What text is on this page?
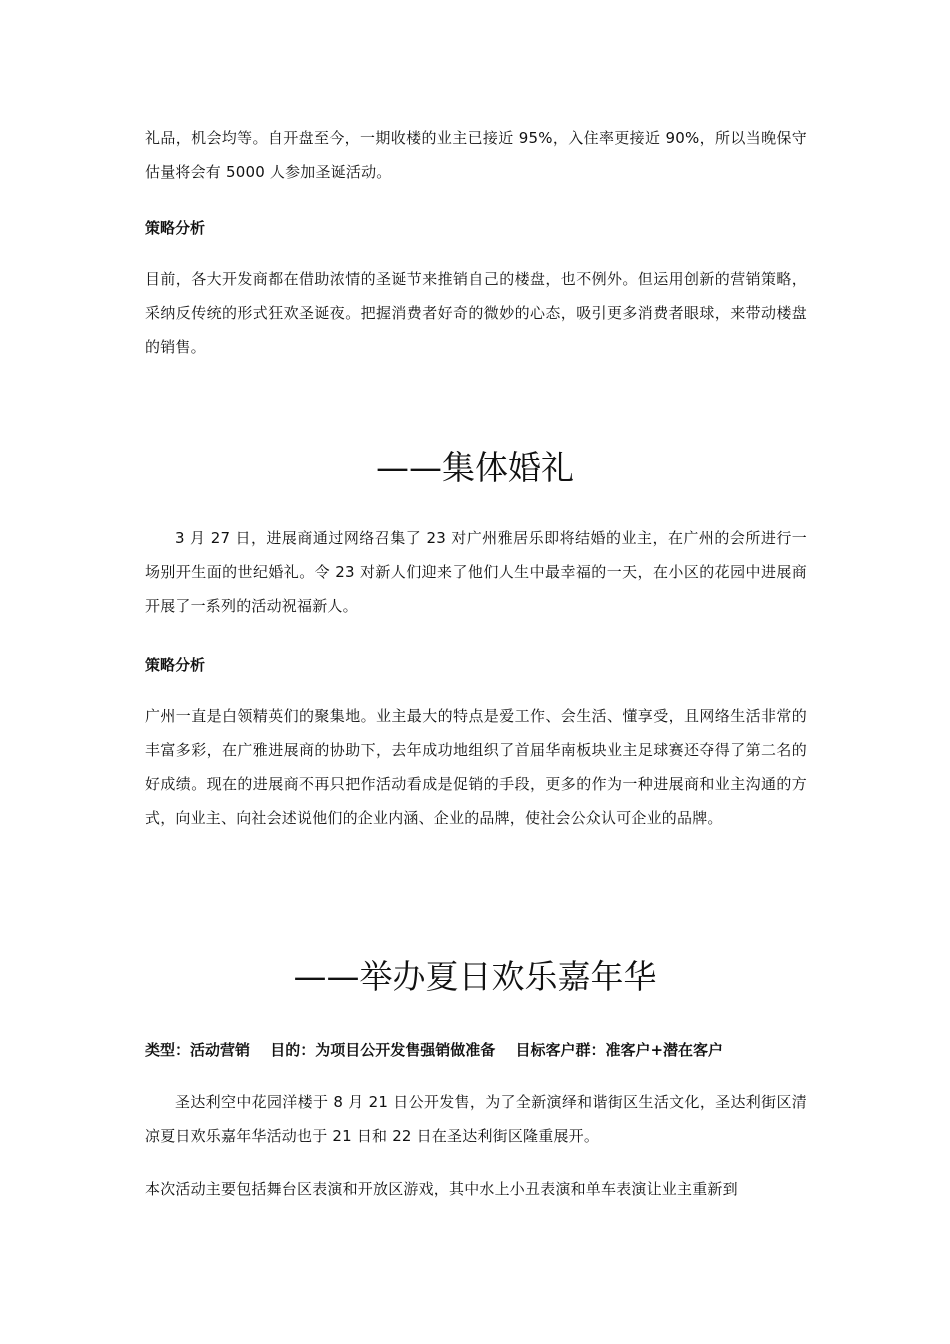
礼品，机会均等。自开盘至今，一期收楼的业主已接近 95%，入住率更接近 90%，所以当晚保守估量将会有 5000 人参加圣诞活动。

策略分析

目前，各大开发商都在借助浓情的圣诞节来推销自己的楼盘，也不例外。但运用创新的营销策略，采纳反传统的形式狂欢圣诞夜。把握消费者好奇的微妙的心态，吸引更多消费者眼球，来带动楼盘的销售。

——集体婚礼

3 月 27 日，进展商通过网络召集了 23 对广州雅居乐即将结婚的业主，在广州的会所进行一场别开生面的世纪婚礼。令 23 对新人们迎来了他们人生中最幸福的一天，在小区的花园中进展商开展了一系列的活动祝福新人。

策略分析

广州一直是白领精英们的聚集地。业主最大的特点是爱工作、会生活、懂享受，且网络生活非常的丰富多彩，在广雅进展商的协助下，去年成功地组织了首届华南板块业主足球赛还夺得了第二名的好成绩。现在的进展商不再只把作活动看成是促销的手段，更多的作为一种进展商和业主沟通的方式，向业主、向社会述说他们的企业内涵、企业的品牌，使社会公众认可企业的品牌。

——举办夏日欢乐嘉年华

类型：活动营销　 目的：为项目公开发售强销做准备　 目标客户群：准客户+潜在客户

圣达利空中花园洋楼于 8 月 21 日公开发售，为了全新演绎和谐街区生活文化，圣达利街区清凉夏日欢乐嘉年华活动也于 21 日和 22 日在圣达利街区隆重展开。

本次活动主要包括舞台区表演和开放区游戏，其中水上小丑表演和单车表演让业主重新到
